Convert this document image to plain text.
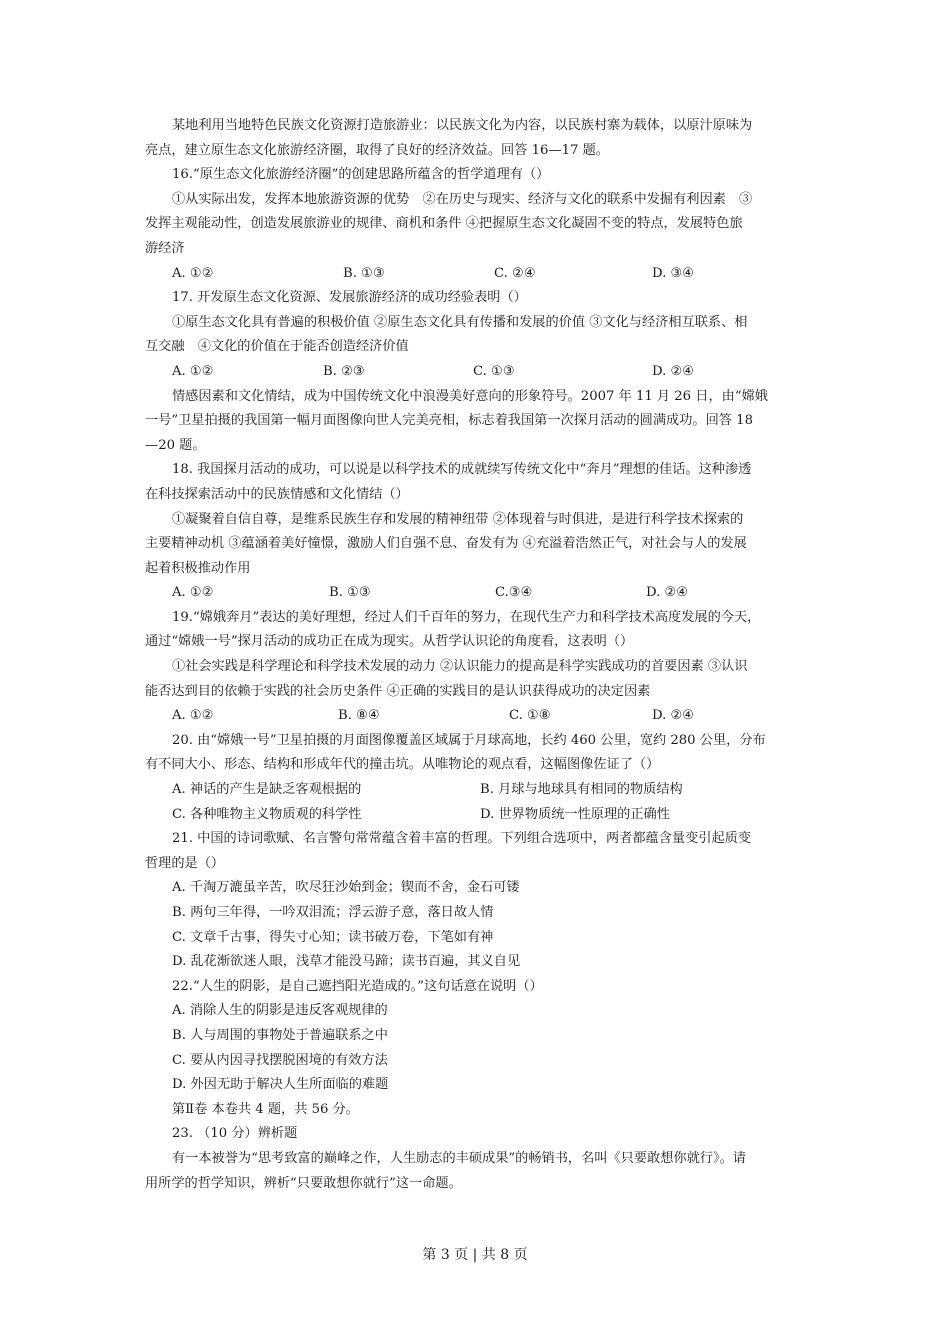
某地利用当地特色民族文化资源打造旅游业：以民族文化为内容，以民族村寨为载体，以原汁原味为
亮点，建立原生态文化旅游经济圈，取得了良好的经济效益。回答 16—17 题。
16.“原生态文化旅游经济圈”的创建思路所蕴含的哲学道理有（）
①从实际出发，发挥本地旅游资源的优势　②在历史与现实、经济与文化的联系中发掘有利因素　③
发挥主观能动性，创造发展旅游业的规律、商机和条件 ④把握原生态文化凝固不变的特点，发展特色旅
游经济
A. ①②	B. ①③	C. ②④	D. ③④
17. 开发原生态文化资源、发展旅游经济的成功经验表明（）
①原生态文化具有普遍的积极价值 ②原生态文化具有传播和发展的价值 ③文化与经济相互联系、相
互交融　④文化的价值在于能否创造经济价值
A. ①②	B. ②③	C. ①③	D. ②④
情感因素和文化情结，成为中国传统文化中浪漫美好意向的形象符号。2007 年 11 月 26 日，由“嫦娥
一号”卫星拍摄的我国第一幅月面图像向世人完美亮相，标志着我国第一次探月活动的圆满成功。回答 18
—20 题。
18. 我国探月活动的成功，可以说是以科学技术的成就续写传统文化中“奔月”理想的佳话。这种渗透
在科技探索活动中的民族情感和文化情结（）
①凝聚着自信自尊，是维系民族生存和发展的精神纽带 ②体现着与时俱进，是进行科学技术探索的
主要精神动机 ③蕴涵着美好憧憬，激励人们自强不息、奋发有为 ④充溢着浩然正气，对社会与人的发展
起着积极推动作用
A. ①②	B. ①③	C.③④	D. ②④
19.“嫦娥奔月”表达的美好理想，经过人们千百年的努力，在现代生产力和科学技术高度发展的今天，
通过“嫦娥一号”探月活动的成功正在成为现实。从哲学认识论的角度看，这表明（）
①社会实践是科学理论和科学技术发展的动力 ②认识能力的提高是科学实践成功的首要因素 ③认识
能否达到目的依赖于实践的社会历史条件 ④正确的实践目的是认识获得成功的决定因素
A. ①②	B. ⑧④	C. ①⑧	D. ②④
20. 由“嫦娥一号”卫星拍摄的月面图像覆盖区域属于月球高地，长约 460 公里，宽约 280 公里，分布
有不同大小、形态、结构和形成年代的撞击坑。从唯物论的观点看，这幅图像佐证了（）
A. 神话的产生是缺乏客观根据的	B. 月球与地球具有相同的物质结构
C. 各种唯物主义物质观的科学性	D. 世界物质统一性原理的正确性
21. 中国的诗词歌赋、名言警句常常蕴含着丰富的哲理。下列组合选项中，两者都蕴含量变引起质变
哲理的是（）
A. 千淘万漉虽辛苦，吹尽狂沙始到金；锲而不舍，金石可镂
B. 两句三年得，一吟双泪流；浮云游子意，落日故人情
C. 文章千古事，得失寸心知；读书破万卷，下笔如有神
D. 乱花渐欲迷人眼，浅草才能没马蹄；读书百遍，其义自见
22.“人生的阴影，是自己遮挡阳光造成的。”这句话意在说明（）
A. 消除人生的阴影是违反客观规律的
B. 人与周围的事物处于普遍联系之中
C. 要从内因寻找摆脱困境的有效方法
D. 外因无助于解决人生所面临的难题
第Ⅱ卷 本卷共 4 题，共 56 分。
23. （10 分）辨析题
有一本被誉为“思考致富的巅峰之作，人生励志的丰硕成果”的畅销书，名叫《只要敢想你就行》。请
用所学的哲学知识，辨析“只要敢想你就行”这一命题。
第 3 页 | 共 8 页
